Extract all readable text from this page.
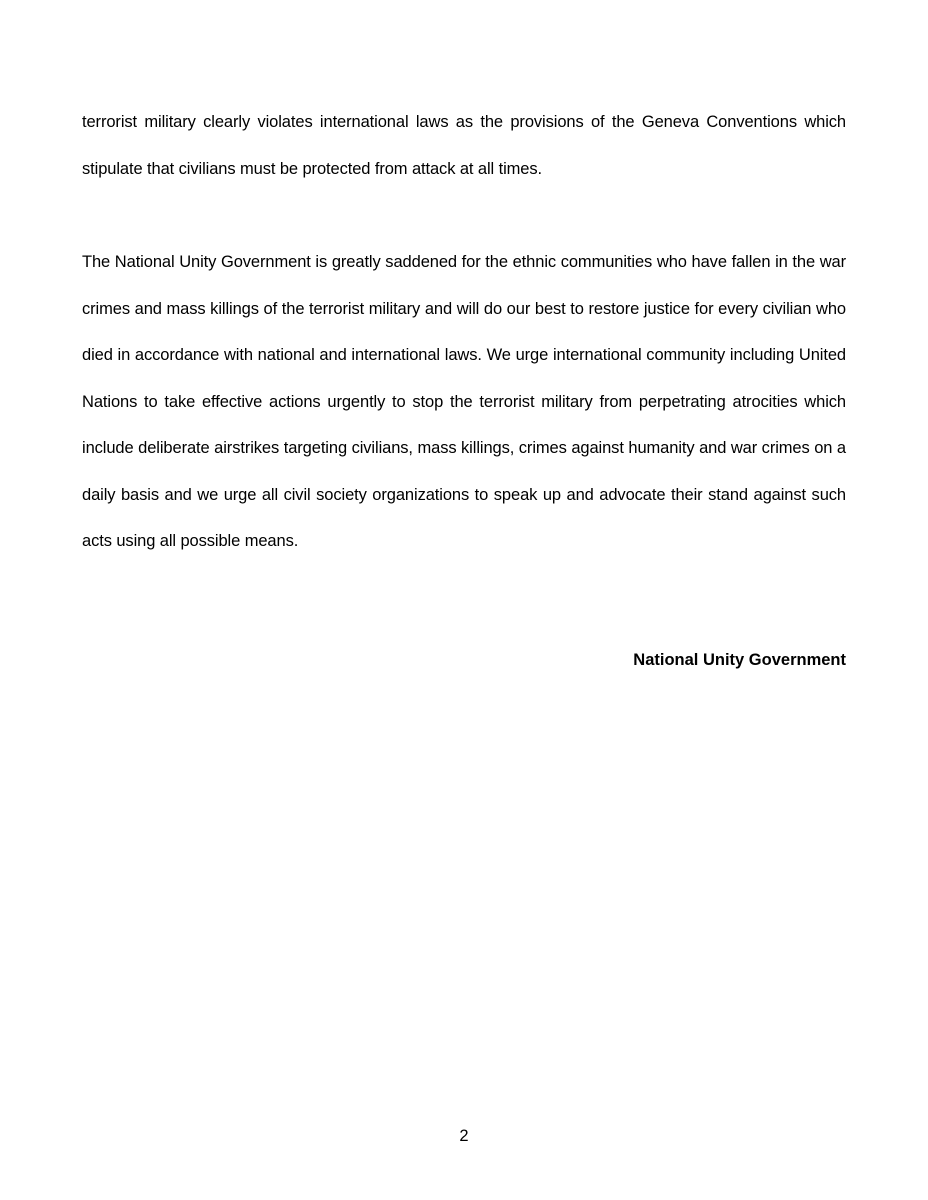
terrorist military clearly violates international laws as the provisions of the Geneva Conventions which stipulate that civilians must be protected from attack at all times.

The National Unity Government is greatly saddened for the ethnic communities who have fallen in the war crimes and mass killings of the terrorist military and will do our best to restore justice for every civilian who died in accordance with national and international laws. We urge international community including United Nations to take effective actions urgently to stop the terrorist military from perpetrating atrocities which include deliberate airstrikes targeting civilians, mass killings, crimes against humanity and war crimes on a daily basis and we urge all civil society organizations to speak up and advocate their stand against such acts using all possible means.

National Unity Government

2
